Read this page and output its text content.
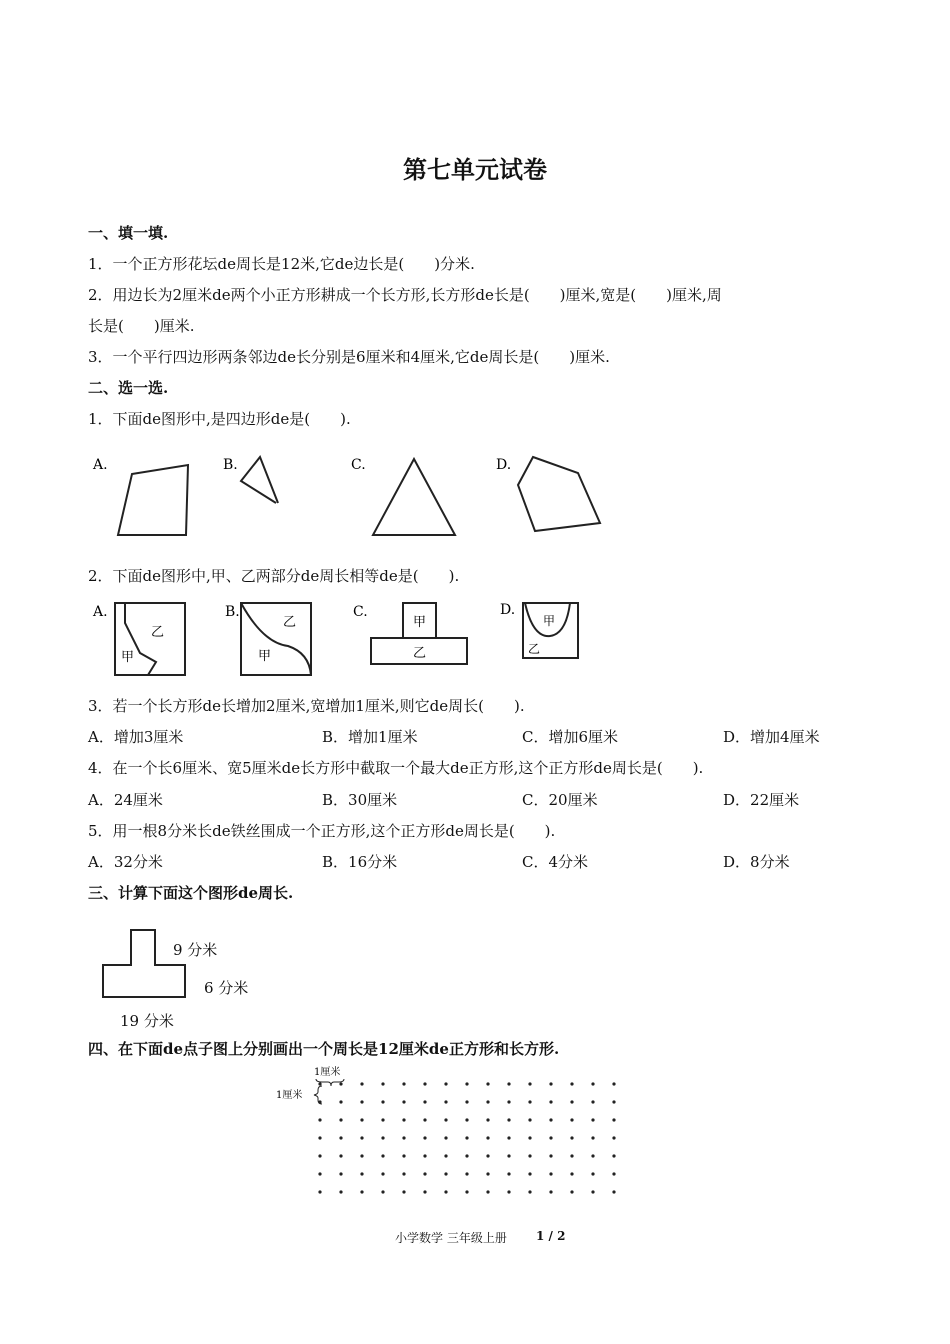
第七单元试卷
一、填一填.
1．一个正方形花坛de周长是12米,它de边长是(　　)分米.
2．用边长为2厘米de两个小正方形耕成一个长方形,长方形de长是(　　)厘米,宽是(　　)厘米,周
长是(　　)厘米.
3．一个平行四边形两条邻边de长分别是6厘米和4厘米,它de周长是(　　)厘米.
二、选一选.
1．下面de图形中,是四边形de是(　　).
A.	B.	C.	D.
2．下面de图形中,甲、乙两部分de周长相等de是(　　).
A.
乙
甲
B.
乙
甲
C.
甲
乙
D.
甲
乙
3．若一个长方形de长增加2厘米,宽增加1厘米,则它de周长(　　).
A．增加3厘米	B．增加1厘米	C．增加6厘米	D．增加4厘米
4．在一个长6厘米、宽5厘米de长方形中截取一个最大de正方形,这个正方形de周长是(　　).
A．24厘米	B．30厘米	C．20厘米	D．22厘米
5．用一根8分米长de铁丝围成一个正方形,这个正方形de周长是(　　).
A．32分米	B．16分米	C．4分米	D．8分米
三、计算下面这个图形de周长.
9 分米
6 分米
19 分米
四、在下面de点子图上分别画出一个周长是12厘米de正方形和长方形.
1厘米
1厘米
小学数学 三年级上册 1 / 2
